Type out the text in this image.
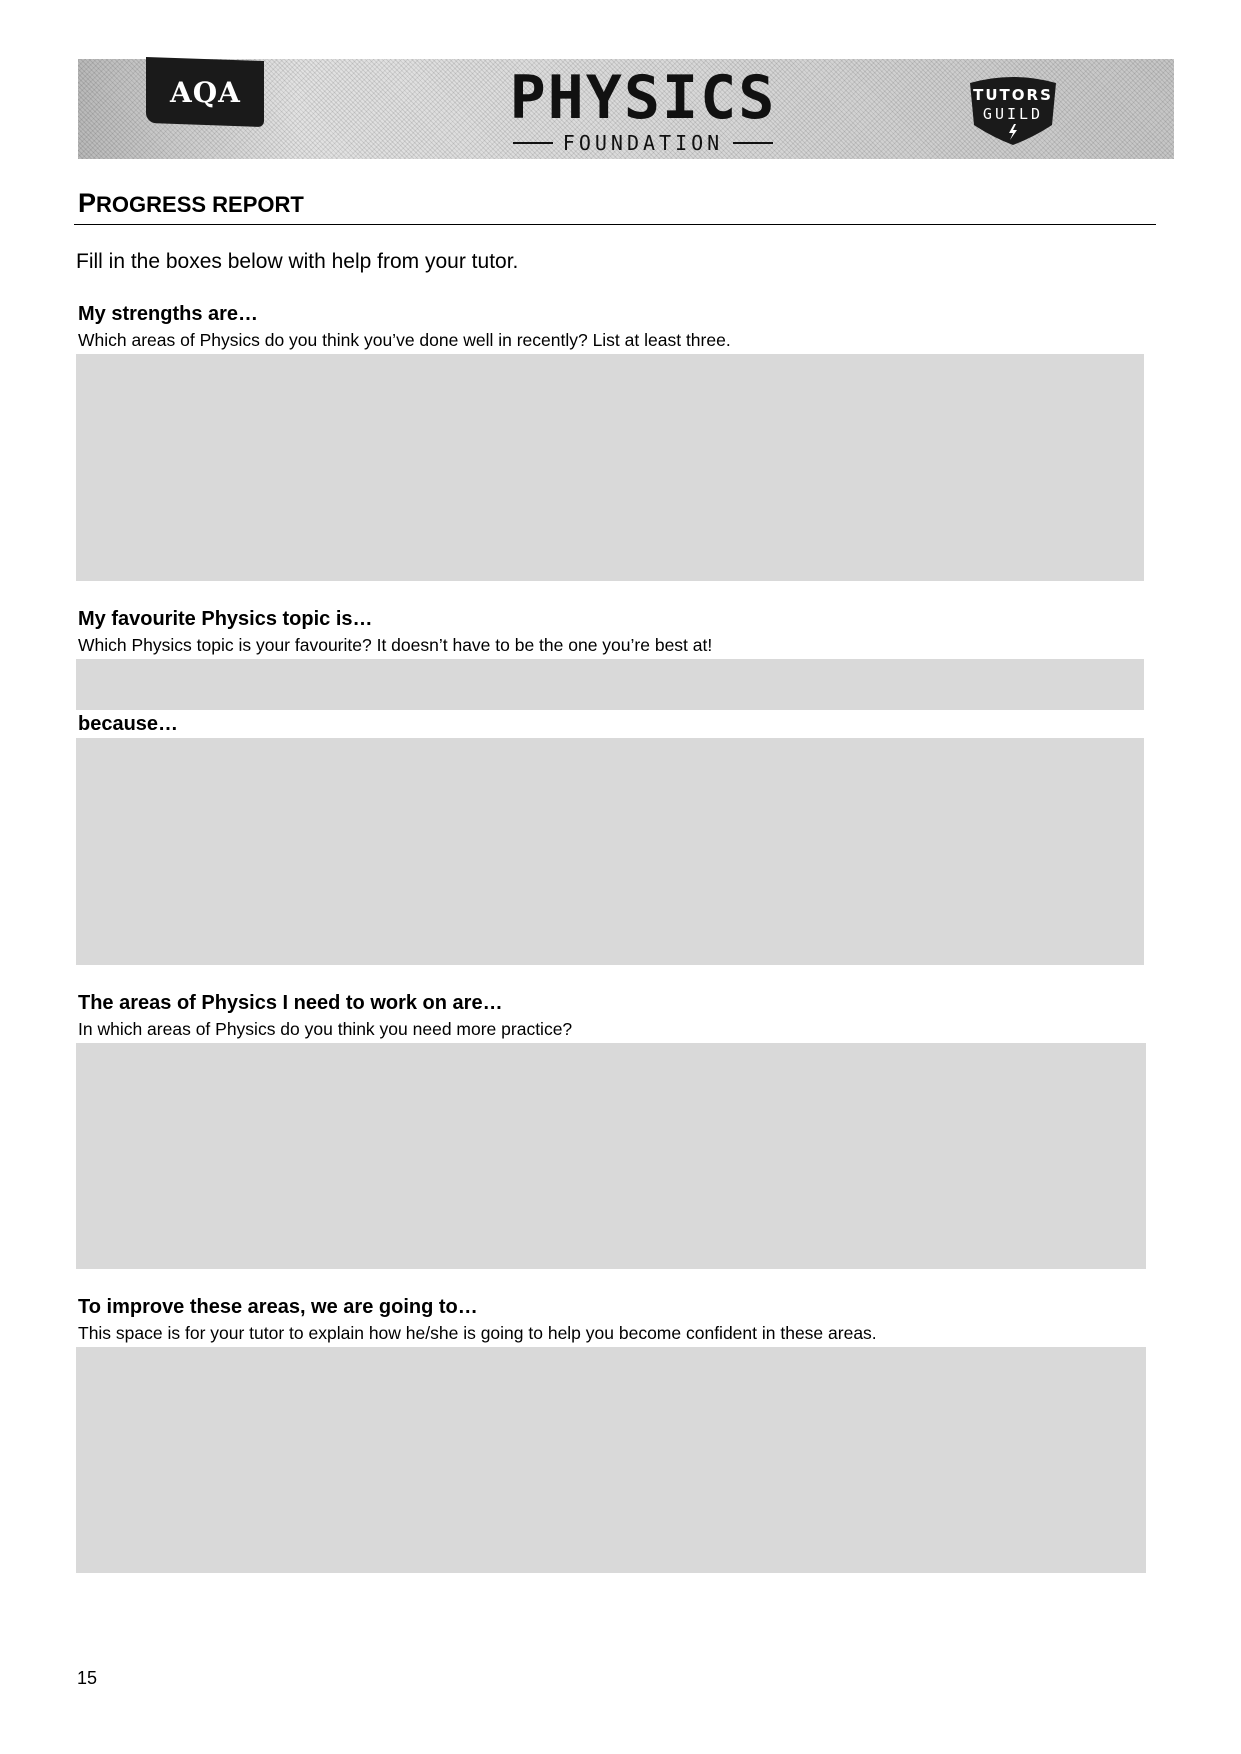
AQA	PHYSICS
FOUNDATION
TUTORS
GUILD
PROGRESS REPORT
Fill in the boxes below with help from your tutor.
My strengths are…
Which areas of Physics do you think you’ve done well in recently? List at least three.
My favourite Physics topic is…
Which Physics topic is your favourite? It doesn’t have to be the one you’re best at!
because…
The areas of Physics I need to work on are…
In which areas of Physics do you think you need more practice?
To improve these areas, we are going to…
This space is for your tutor to explain how he/she is going to help you become confident in these areas.
15
